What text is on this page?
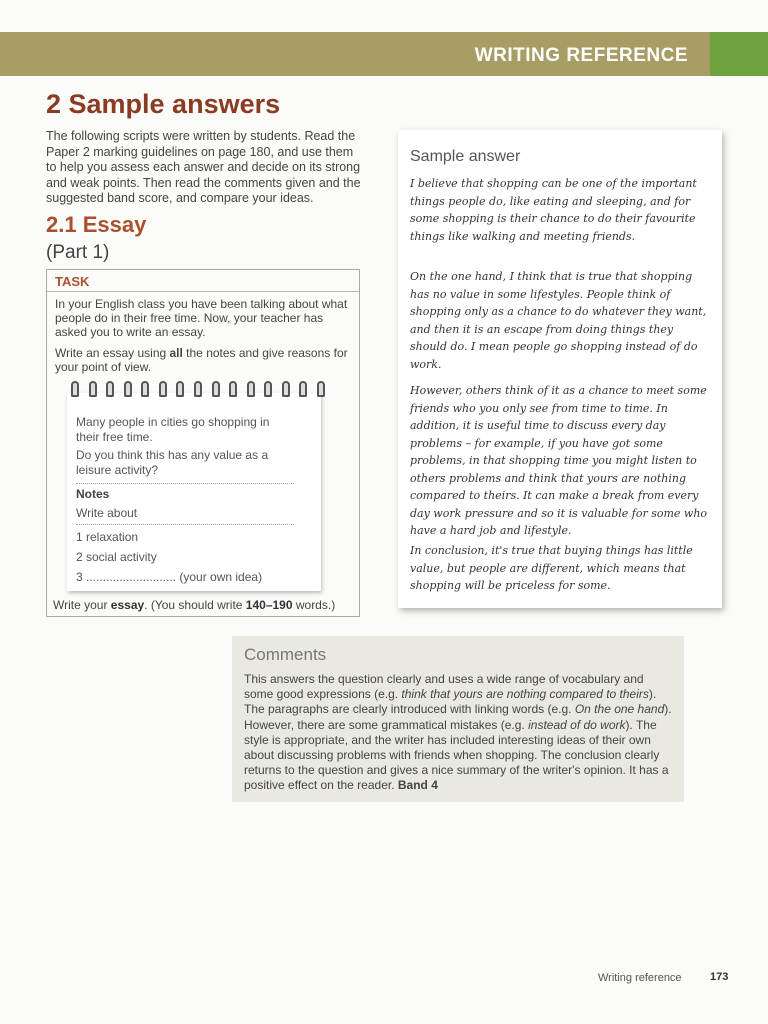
WRITING REFERENCE
2 Sample answers
The following scripts were written by students. Read the Paper 2 marking guidelines on page 180, and use them to help you assess each answer and decide on its strong and weak points. Then read the comments given and the suggested band score, and compare your ideas.
2.1 Essay
(Part 1)
TASK
In your English class you have been talking about what people do in their free time. Now, your teacher has asked you to write an essay.
Write an essay using all the notes and give reasons for your point of view.
Many people in cities go shopping in their free time.
Do you think this has any value as a leisure activity?
Notes
Write about
1 relaxation
2 social activity
3 ........................... (your own idea)
Write your essay. (You should write 140–190 words.)
Sample answer
I believe that shopping can be one of the important things people do, like eating and sleeping, and for some shopping is their chance to do their favourite things like walking and meeting friends.
On the one hand, I think that is true that shopping has no value in some lifestyles. People think of shopping only as a chance to do whatever they want, and then it is an escape from doing things they should do. I mean people go shopping instead of do work.
However, others think of it as a chance to meet some friends who you only see from time to time. In addition, it is useful time to discuss every day problems – for example, if you have got some problems, in that shopping time you might listen to others problems and think that yours are nothing compared to theirs. It can make a break from every day work pressure and so it is valuable for some who have a hard job and lifestyle.
In conclusion, it's true that buying things has little value, but people are different, which means that shopping will be priceless for some.
Comments
This answers the question clearly and uses a wide range of vocabulary and some good expressions (e.g. think that yours are nothing compared to theirs). The paragraphs are clearly introduced with linking words (e.g. On the one hand). However, there are some grammatical mistakes (e.g. instead of do work). The style is appropriate, and the writer has included interesting ideas of their own about discussing problems with friends when shopping. The conclusion clearly returns to the question and gives a nice summary of the writer's opinion. It has a positive effect on the reader. Band 4
Writing reference	173
